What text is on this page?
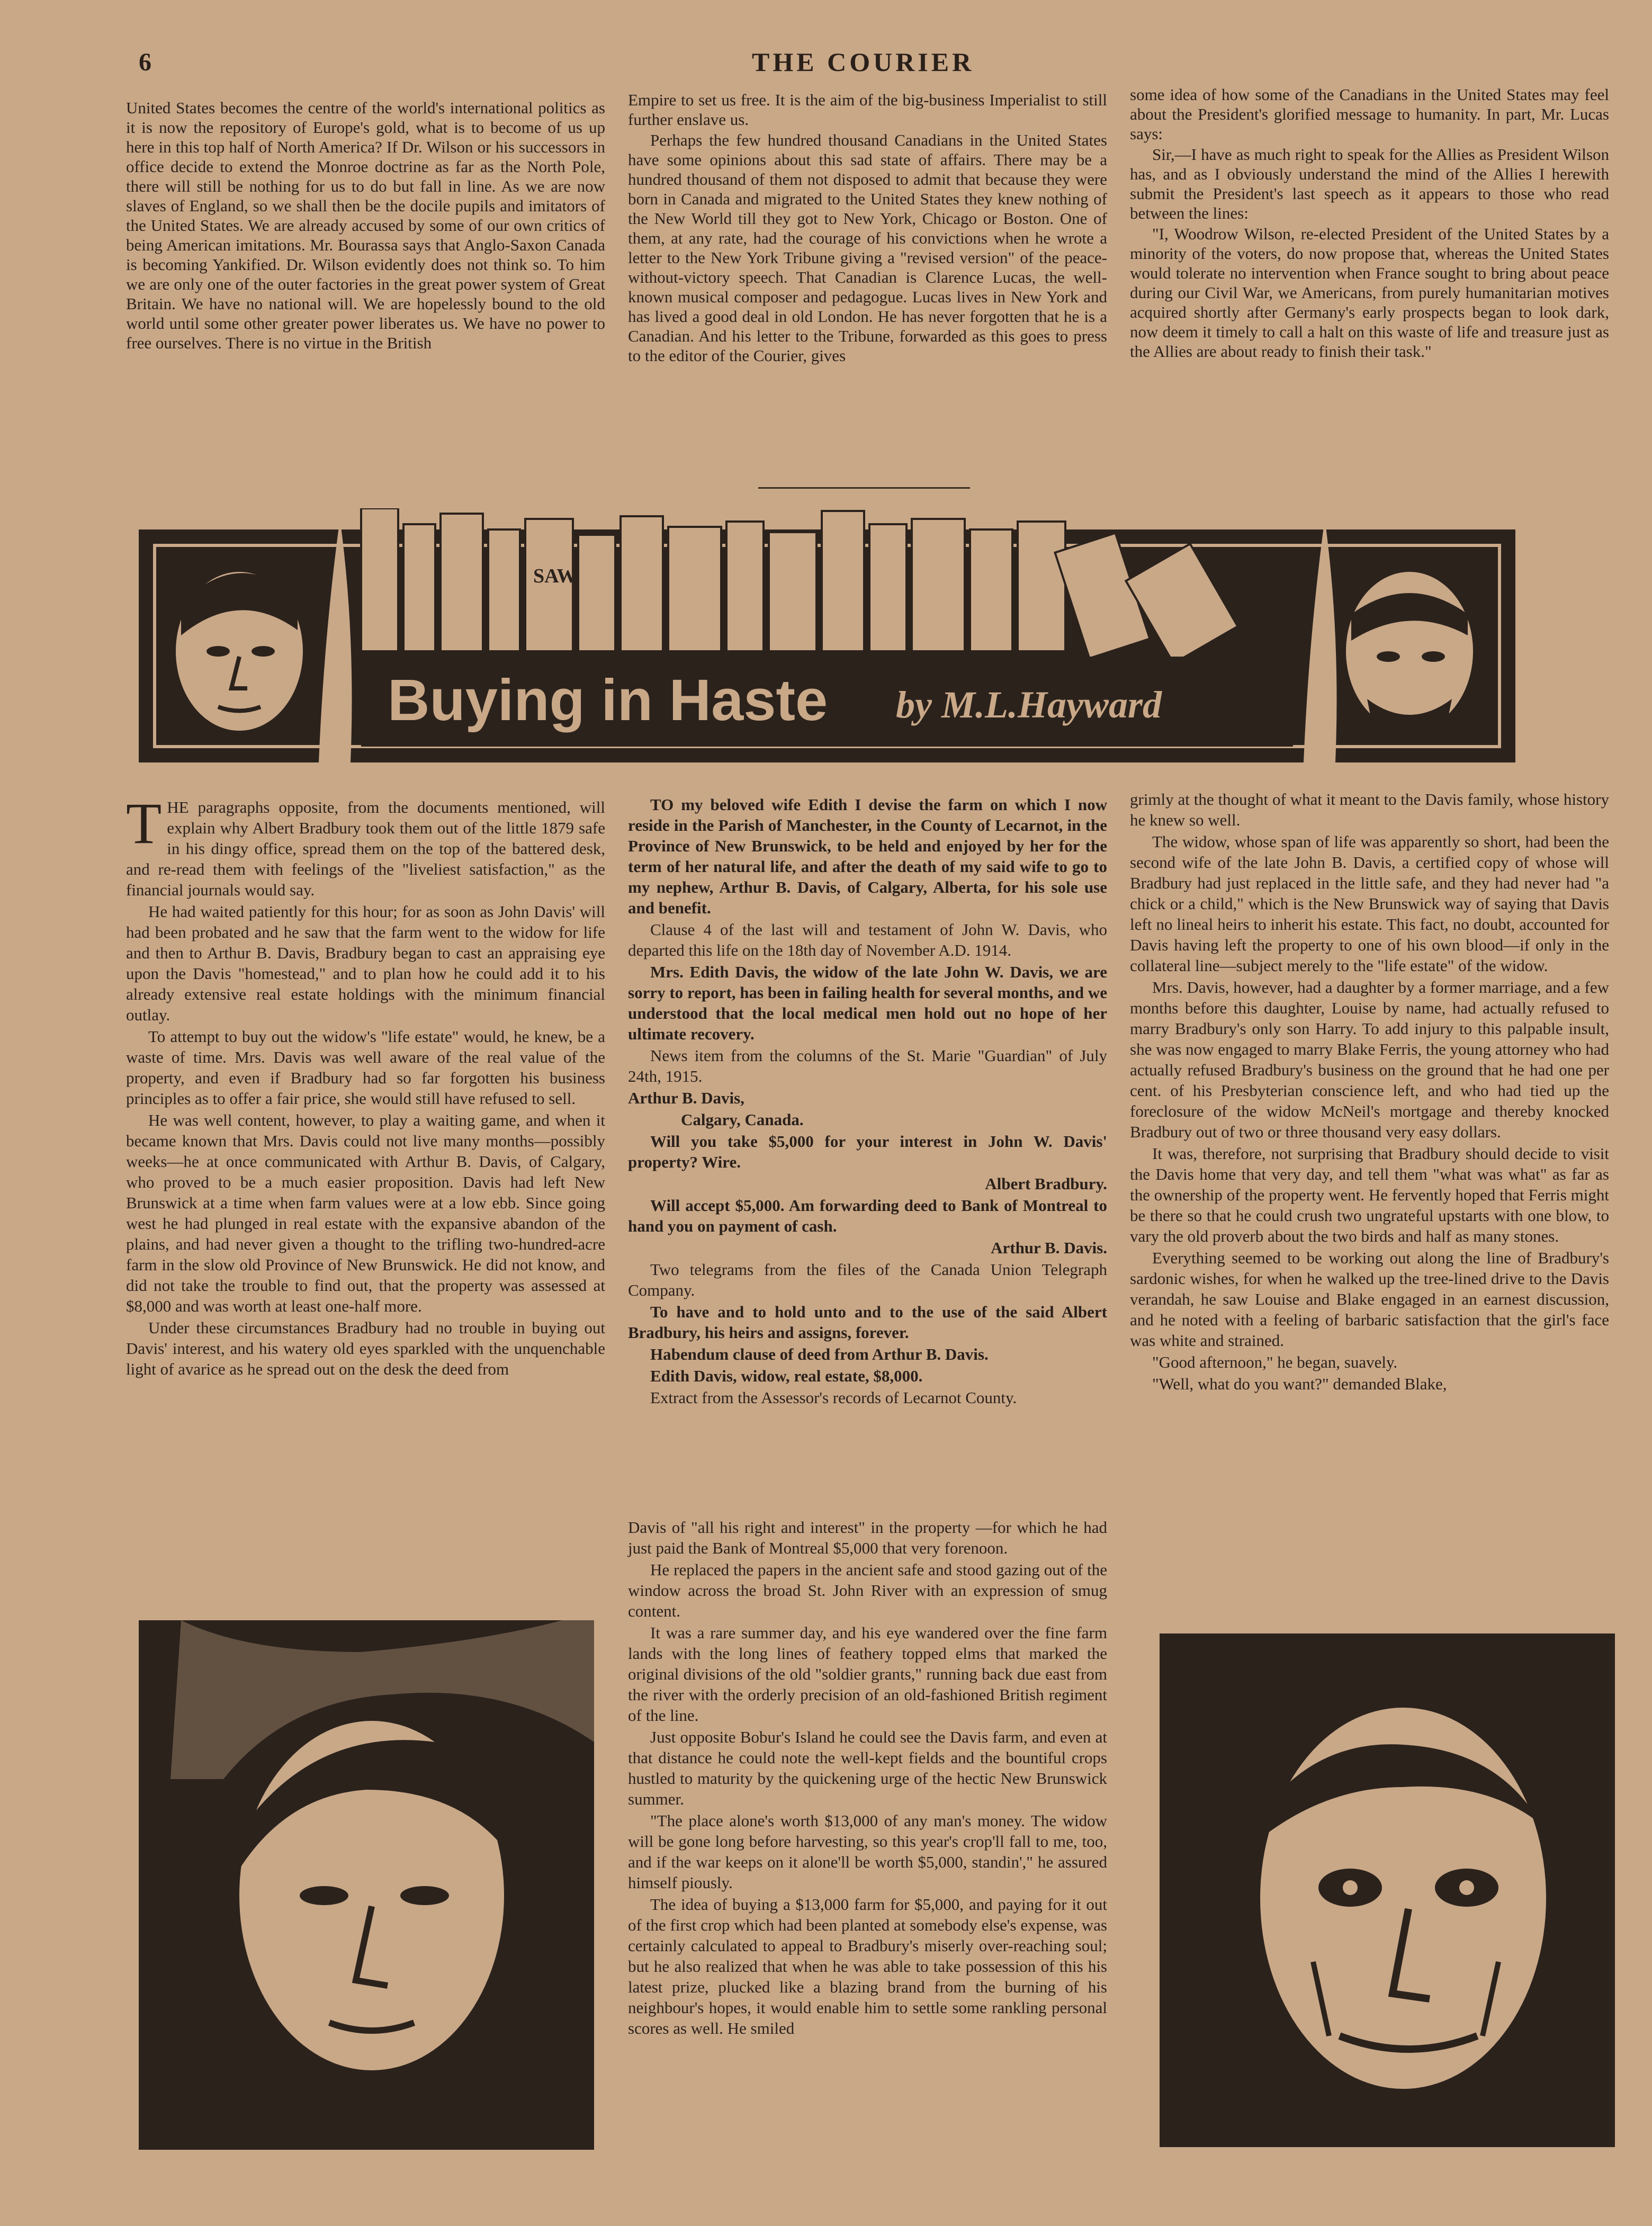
6	THE COURIER

United States becomes the centre of the world's international politics as it is now the repository of Europe's gold, what is to become of us up here in this top half of North America? If Dr. Wilson or his successors in office decide to extend the Monroe doctrine as far as the North Pole, there will still be nothing for us to do but fall in line. As we are now slaves of England, so we shall then be the docile pupils and imitators of the United States. We are already accused by some of our own critics of being American imitations. Mr. Bourassa says that Anglo-Saxon Canada is becoming Yankified. Dr. Wilson evidently does not think so. To him we are only one of the outer factories in the great power system of Great Britain. We have no national will. We are hopelessly bound to the old world until some other greater power liberates us. We have no power to free ourselves. There is no virtue in the British

Empire to set us free. It is the aim of the big-business Imperialist to still further enslave us.

Perhaps the few hundred thousand Canadians in the United States have some opinions about this sad state of affairs. There may be a hundred thousand of them not disposed to admit that because they were born in Canada and migrated to the United States they knew nothing of the New World till they got to New York, Chicago or Boston. One of them, at any rate, had the courage of his convictions when he wrote a letter to the New York Tribune giving a "revised version" of the peace-without-victory speech. That Canadian is Clarence Lucas, the well-known musical composer and pedagogue. Lucas lives in New York and has lived a good deal in old London. He has never forgotten that he is a Canadian. And his letter to the Tribune, forwarded as this goes to press to the editor of the Courier, gives

some idea of how some of the Canadians in the United States may feel about the President's glorified message to humanity. In part, Mr. Lucas says:

Sir,—I have as much right to speak for the Allies as President Wilson has, and as I obviously understand the mind of the Allies I herewith submit the President's last speech as it appears to those who read between the lines:

"I, Woodrow Wilson, re-elected President of the United States by a minority of the voters, do now propose that, whereas the United States would tolerate no intervention when France sought to bring about peace during our Civil War, we Americans, from purely humanitarian motives acquired shortly after Germany's early prospects began to look dark, now deem it timely to call a halt on this waste of life and treasure just as the Allies are about ready to finish their task."

SAW
Buying in Haste by M.L.Hayward
T HE paragraphs opposite, from the documents mentioned, will explain why Albert Bradbury took them out of the little 1879 safe in his dingy office, spread them on the top of the battered desk, and re-read them with feelings of the "liveliest satisfaction," as the financial journals would say.

He had waited patiently for this hour; for as soon as John Davis' will had been probated and he saw that the farm went to the widow for life and then to Arthur B. Davis, Bradbury began to cast an appraising eye upon the Davis "homestead," and to plan how he could add it to his already extensive real estate holdings with the minimum financial outlay.

To attempt to buy out the widow's "life estate" would, he knew, be a waste of time. Mrs. Davis was well aware of the real value of the property, and even if Bradbury had so far forgotten his business principles as to offer a fair price, she would still have refused to sell.

He was well content, however, to play a waiting game, and when it became known that Mrs. Davis could not live many months—possibly weeks—he at once communicated with Arthur B. Davis, of Calgary, who proved to be a much easier proposition. Davis had left New Brunswick at a time when farm values were at a low ebb. Since going west he had plunged in real estate with the expansive abandon of the plains, and had never given a thought to the trifling two-hundred-acre farm in the slow old Province of New Brunswick. He did not know, and did not take the trouble to find out, that the property was assessed at $8,000 and was worth at least one-half more.

Under these circumstances Bradbury had no trouble in buying out Davis' interest, and his watery old eyes sparkled with the unquenchable light of avarice as he spread out on the desk the deed from

TO my beloved wife Edith I devise the farm on which I now reside in the Parish of Manchester, in the County of Lecarnot, in the Province of New Brunswick, to be held and enjoyed by her for the term of her natural life, and after the death of my said wife to go to my nephew, Arthur B. Davis, of Calgary, Alberta, for his sole use and benefit.

Clause 4 of the last will and testament of John W. Davis, who departed this life on the 18th day of November A.D. 1914.

Mrs. Edith Davis, the widow of the late John W. Davis, we are sorry to report, has been in failing health for several months, and we understood that the local medical men hold out no hope of her ultimate recovery.

News item from the columns of the St. Marie "Guardian" of July 24th, 1915.

Arthur B. Davis,

Calgary, Canada.

Will you take $5,000 for your interest in John W. Davis' property? Wire.

Albert Bradbury.

Will accept $5,000. Am forwarding deed to Bank of Montreal to hand you on payment of cash.

Arthur B. Davis.

Two telegrams from the files of the Canada Union Telegraph Company.

To have and to hold unto and to the use of the said Albert Bradbury, his heirs and assigns, forever.

Habendum clause of deed from Arthur B. Davis.

Edith Davis, widow, real estate, $8,000.

Extract from the Assessor's records of Lecarnot County.

Davis of "all his right and interest" in the property —for which he had just paid the Bank of Montreal $5,000 that very forenoon.

He replaced the papers in the ancient safe and stood gazing out of the window across the broad St. John River with an expression of smug content.

It was a rare summer day, and his eye wandered over the fine farm lands with the long lines of feathery topped elms that marked the original divisions of the old "soldier grants," running back due east from the river with the orderly precision of an old-fashioned British regiment of the line.

Just opposite Bobur's Island he could see the Davis farm, and even at that distance he could note the well-kept fields and the bountiful crops hustled to maturity by the quickening urge of the hectic New Brunswick summer.

"The place alone's worth $13,000 of any man's money. The widow will be gone long before harvesting, so this year's crop'll fall to me, too, and if the war keeps on it alone'll be worth $5,000, standin'," he assured himself piously.

The idea of buying a $13,000 farm for $5,000, and paying for it out of the first crop which had been planted at somebody else's expense, was certainly calculated to appeal to Bradbury's miserly over-reaching soul; but he also realized that when he was able to take possession of this his latest prize, plucked like a blazing brand from the burning of his neighbour's hopes, it would enable him to settle some rankling personal scores as well. He smiled

grimly at the thought of what it meant to the Davis family, whose history he knew so well.

The widow, whose span of life was apparently so short, had been the second wife of the late John B. Davis, a certified copy of whose will Bradbury had just replaced in the little safe, and they had never had "a chick or a child," which is the New Brunswick way of saying that Davis left no lineal heirs to inherit his estate. This fact, no doubt, accounted for Davis having left the property to one of his own blood—if only in the collateral line—subject merely to the "life estate" of the widow.

Mrs. Davis, however, had a daughter by a former marriage, and a few months before this daughter, Louise by name, had actually refused to marry Bradbury's only son Harry. To add injury to this palpable insult, she was now engaged to marry Blake Ferris, the young attorney who had actually refused Bradbury's business on the ground that he had one per cent. of his Presbyterian conscience left, and who had tied up the foreclosure of the widow McNeil's mortgage and thereby knocked Bradbury out of two or three thousand very easy dollars.

It was, therefore, not surprising that Bradbury should decide to visit the Davis home that very day, and tell them "what was what" as far as the ownership of the property went. He fervently hoped that Ferris might be there so that he could crush two ungrateful upstarts with one blow, to vary the old proverb about the two birds and half as many stones.

Everything seemed to be working out along the line of Bradbury's sardonic wishes, for when he walked up the tree-lined drive to the Davis verandah, he saw Louise and Blake engaged in an earnest discussion, and he noted with a feeling of barbaric satisfaction that the girl's face was white and strained.

"Good afternoon," he began, suavely.

"Well, what do you want?" demanded Blake,
